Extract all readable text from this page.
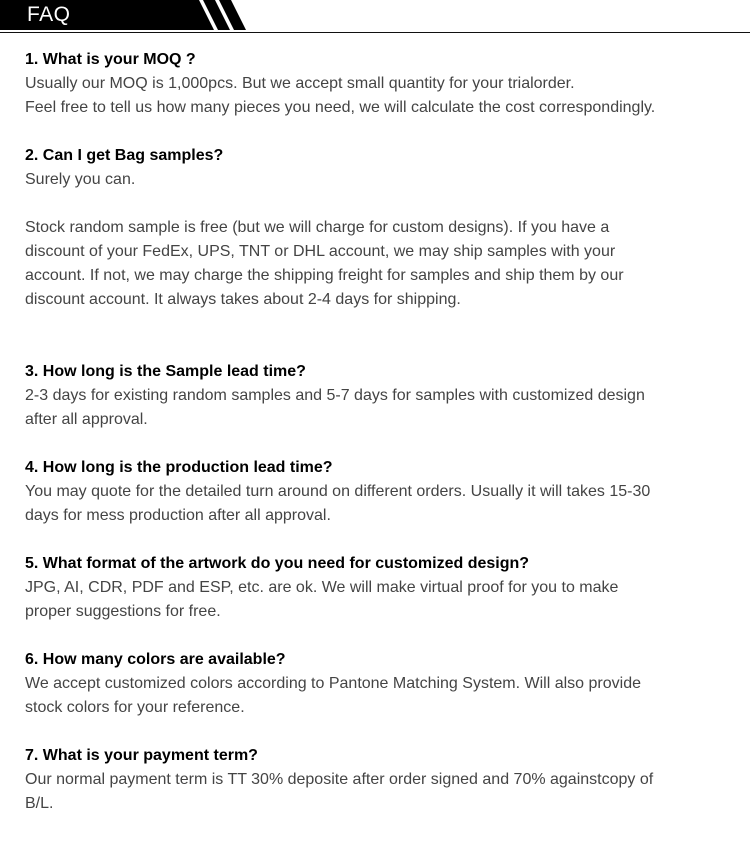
FAQ
1. What is your MOQ ?
Usually our MOQ is 1,000pcs. But we accept small quantity for your trialorder.
Feel free to tell us how many pieces you need, we will calculate the cost correspondingly.
2. Can I get Bag samples?
Surely you can.
Stock random sample is free (but we will charge for custom designs). If you have a
discount of your FedEx, UPS, TNT or DHL account, we may ship samples with your
account. If not, we may charge the shipping freight for samples and ship them by our
discount account. It always takes about 2-4 days for shipping.
3. How long is the Sample lead time?
2-3 days for existing random samples and 5-7 days for samples with customized design
after all approval.
4. How long is the production lead time?
You may quote for the detailed turn around on different orders. Usually it will takes 15-30
days for mess production after all approval.
5. What format of the artwork do you need for customized design?
JPG, AI, CDR, PDF and ESP, etc. are ok. We will make virtual proof for you to make
proper suggestions for free.
6. How many colors are available?
We accept customized colors according to Pantone Matching System. Will also provide
stock colors for your reference.
7. What is your payment term?
Our normal payment term is TT 30% deposite after order signed and 70% againstcopy of
B/L.
